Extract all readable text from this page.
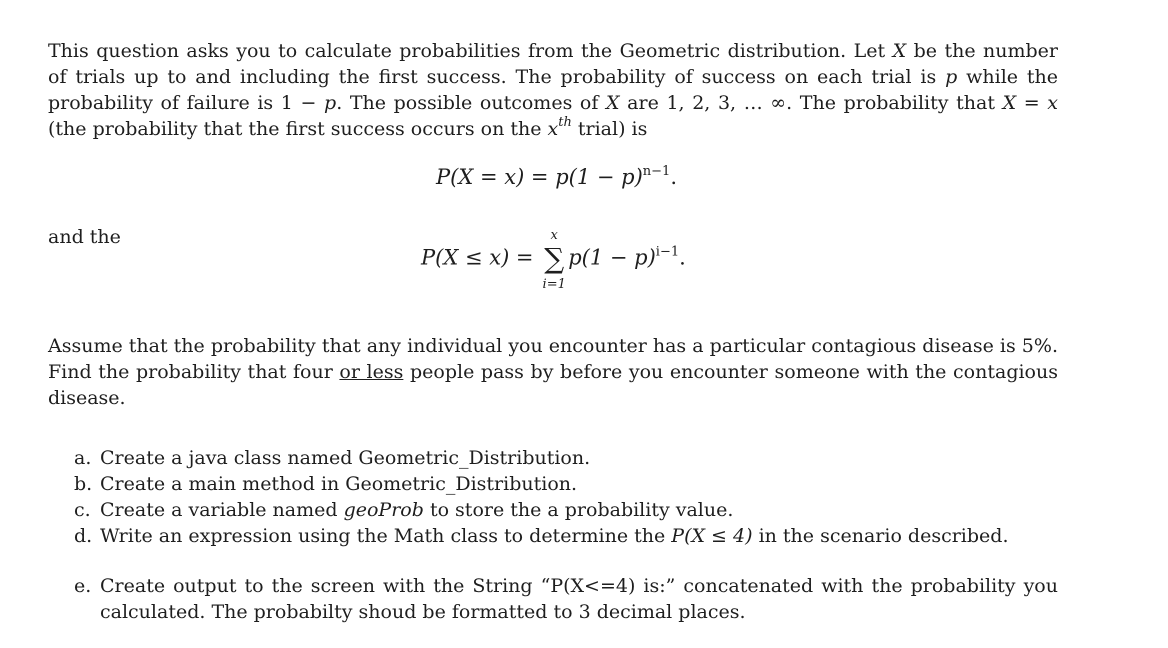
This question asks you to calculate probabilities from the Geometric distribution. Let X be the number of trials up to and including the first success. The probability of success on each trial is p while the probability of failure is 1 − p. The possible outcomes of X are 1, 2, 3, … ∞. The probability that X = x (the probability that the first success occurs on the $x^{th}$ trial) is
$P(X = x) = p(1 - p)^{n-1}$.
and the
P(X ≤ x) =
x
∑
i=1
$p(1 - p)^{i-1}$.
Assume that the probability that any individual you encounter has a particular contagious disease is 5%. Find the probability that four or less people pass by before you encounter someone with the contagious disease.
a. Create a java class named Geometric_Distribution.
b. Create a main method in Geometric_Distribution.
c. Create a variable named geoProb to store the a probability value.
d. Write an expression using the Math class to determine the P(X ≤ 4) in the scenario described.
e. Create output to the screen with the String “P(X<=4) is:” concatenated with the probability you calculated. The probabilty shoud be formatted to 3 decimal places.
